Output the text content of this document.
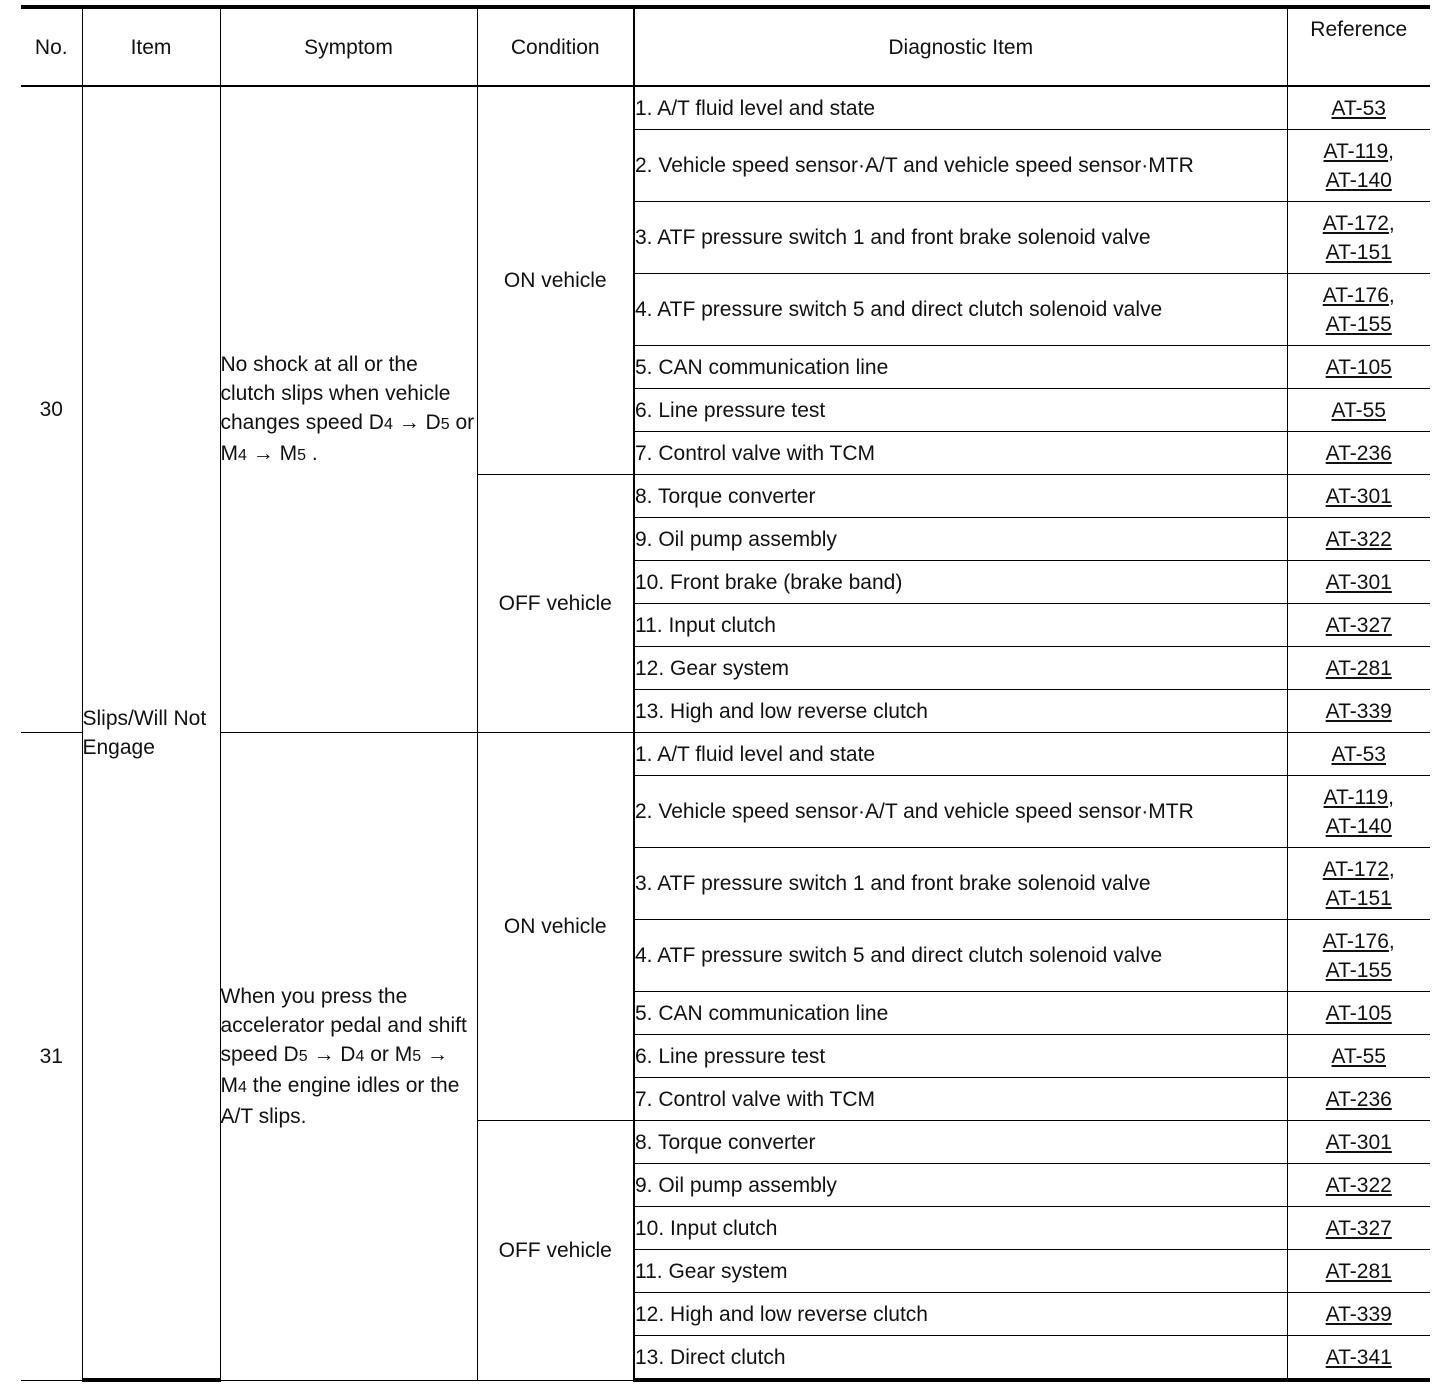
No.	Item	Symptom	Condition	Diagnostic Item	Reference
30	Slips/Will Not Engage	No shock at all or the clutch slips when vehicle changes speed D4 → D5 or M4 → M5 .	ON vehicle	1. A/T fluid level and state	AT-53
				2. Vehicle speed sensor·A/T and vehicle speed sensor·MTR	AT-119,
AT-140
				3. ATF pressure switch 1 and front brake solenoid valve	AT-172,
AT-151
				4. ATF pressure switch 5 and direct clutch solenoid valve	AT-176,
AT-155
				5. CAN communication line	AT-105
				6. Line pressure test	AT-55
				7. Control valve with TCM	AT-236
			OFF vehicle	8. Torque converter	AT-301
				9. Oil pump assembly	AT-322
				10. Front brake (brake band)	AT-301
				11. Input clutch	AT-327
				12. Gear system	AT-281
				13. High and low reverse clutch	AT-339
31		When you press the accelerator pedal and shift speed D5 → D4 or M5 → M4 the engine idles or the A/T slips.	ON vehicle	1. A/T fluid level and state	AT-53
				2. Vehicle speed sensor·A/T and vehicle speed sensor·MTR	AT-119,
AT-140
				3. ATF pressure switch 1 and front brake solenoid valve	AT-172,
AT-151
				4. ATF pressure switch 5 and direct clutch solenoid valve	AT-176,
AT-155
				5. CAN communication line	AT-105
				6. Line pressure test	AT-55
				7. Control valve with TCM	AT-236
			OFF vehicle	8. Torque converter	AT-301
				9. Oil pump assembly	AT-322
				10. Input clutch	AT-327
				11. Gear system	AT-281
				12. High and low reverse clutch	AT-339
				13. Direct clutch	AT-341
